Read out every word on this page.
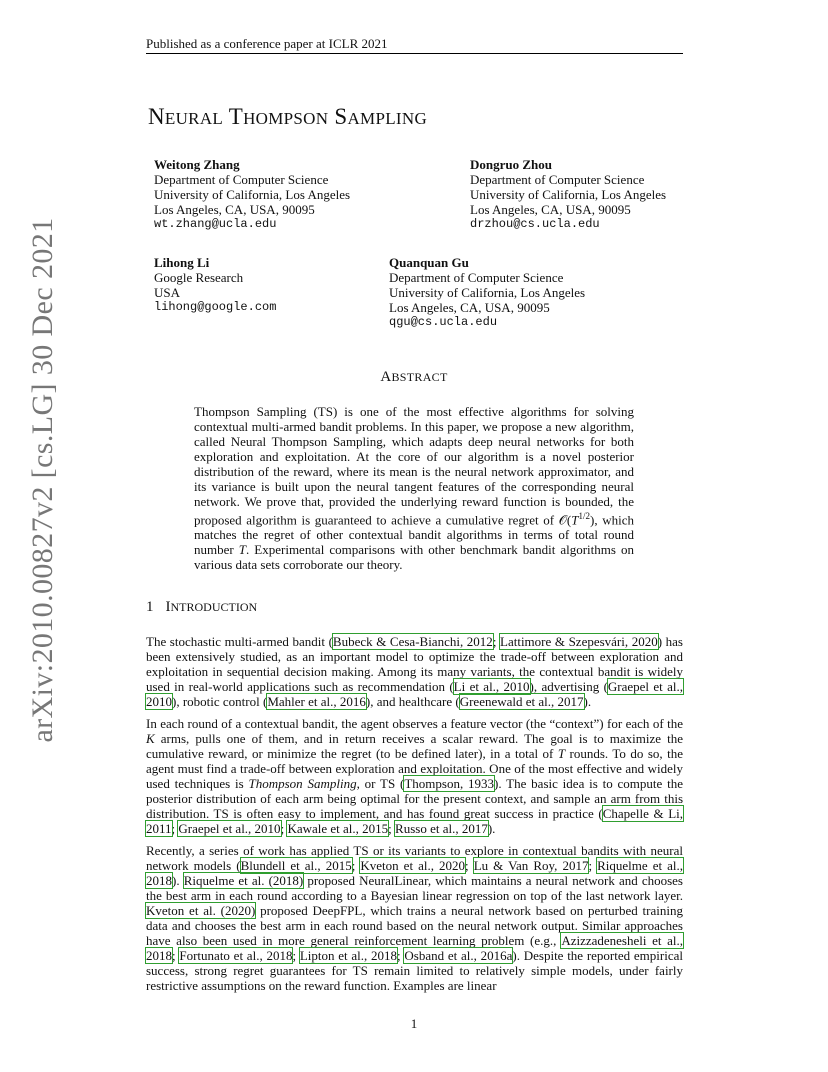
Published as a conference paper at ICLR 2021
arXiv:2010.00827v2 [cs.LG] 30 Dec 2021
NEURAL THOMPSON SAMPLING
Weitong Zhang
Department of Computer Science
University of California, Los Angeles
Los Angeles, CA, USA, 90095
wt.zhang@ucla.edu
Dongruo Zhou
Department of Computer Science
University of California, Los Angeles
Los Angeles, CA, USA, 90095
drzhou@cs.ucla.edu
Lihong Li
Google Research
USA
lihong@google.com
Quanquan Gu
Department of Computer Science
University of California, Los Angeles
Los Angeles, CA, USA, 90095
qgu@cs.ucla.edu
ABSTRACT
Thompson Sampling (TS) is one of the most effective algorithms for solving contextual multi-armed bandit problems. In this paper, we propose a new algorithm, called Neural Thompson Sampling, which adapts deep neural networks for both exploration and exploitation. At the core of our algorithm is a novel posterior distribution of the reward, where its mean is the neural network approximator, and its variance is built upon the neural tangent features of the corresponding neural network. We prove that, provided the underlying reward function is bounded, the proposed algorithm is guaranteed to achieve a cumulative regret of $𝒪(T^{1/2})$, which matches the regret of other contextual bandit algorithms in terms of total round number T. Experimental comparisons with other benchmark bandit algorithms on various data sets corroborate our theory.
1 INTRODUCTION
The stochastic multi-armed bandit (Bubeck & Cesa-Bianchi, 2012; Lattimore & Szepesvári, 2020) has been extensively studied, as an important model to optimize the trade-off between exploration and exploitation in sequential decision making. Among its many variants, the contextual bandit is widely used in real-world applications such as recommendation (Li et al., 2010), advertising (Graepel et al., 2010), robotic control (Mahler et al., 2016), and healthcare (Greenewald et al., 2017).
In each round of a contextual bandit, the agent observes a feature vector (the “context”) for each of the K arms, pulls one of them, and in return receives a scalar reward. The goal is to maximize the cumulative reward, or minimize the regret (to be defined later), in a total of T rounds. To do so, the agent must find a trade-off between exploration and exploitation. One of the most effective and widely used techniques is Thompson Sampling, or TS (Thompson, 1933). The basic idea is to compute the posterior distribution of each arm being optimal for the present context, and sample an arm from this distribution. TS is often easy to implement, and has found great success in practice (Chapelle & Li, 2011; Graepel et al., 2010; Kawale et al., 2015; Russo et al., 2017).
Recently, a series of work has applied TS or its variants to explore in contextual bandits with neural network models (Blundell et al., 2015; Kveton et al., 2020; Lu & Van Roy, 2017; Riquelme et al., 2018). Riquelme et al. (2018) proposed NeuralLinear, which maintains a neural network and chooses the best arm in each round according to a Bayesian linear regression on top of the last network layer. Kveton et al. (2020) proposed DeepFPL, which trains a neural network based on perturbed training data and chooses the best arm in each round based on the neural network output. Similar approaches have also been used in more general reinforcement learning problem (e.g., Azizzadenesheli et al., 2018; Fortunato et al., 2018; Lipton et al., 2018; Osband et al., 2016a). Despite the reported empirical success, strong regret guarantees for TS remain limited to relatively simple models, under fairly restrictive assumptions on the reward function. Examples are linear
1
